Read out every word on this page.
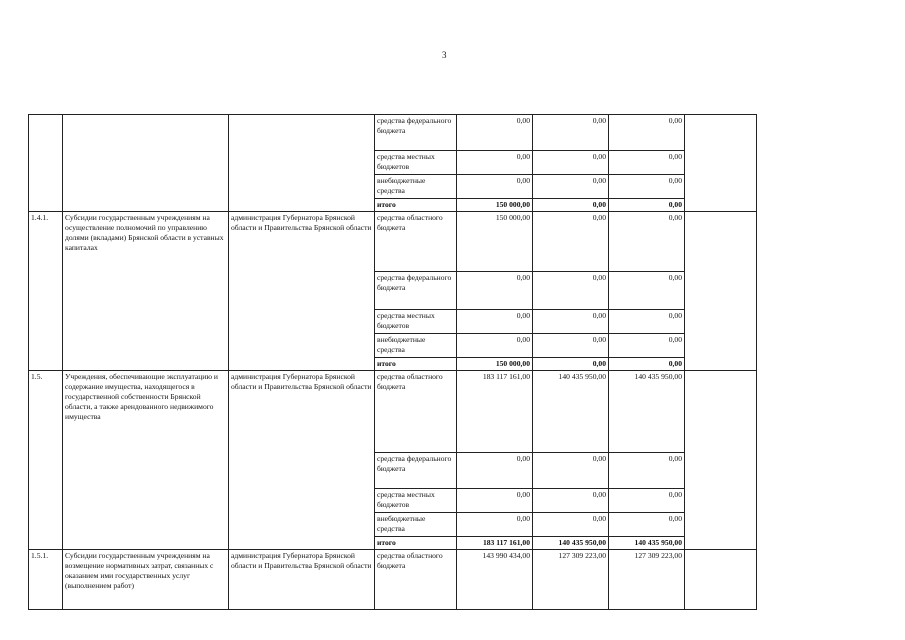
3
			средства федерального бюджета	0,00	0,00	0,00	
			средства местных бюджетов	0,00	0,00	0,00	
			внебюджетные средства	0,00	0,00	0,00	
			итого	150 000,00	0,00	0,00	
1.4.1.	Субсидии государственным учреждениям на осуществление полномочий по управлению долями (вкладами) Брянской области в уставных капиталах	администрация Губернатора Брянской области и Правительства Брянской области	средства областного бюджета	150 000,00	0,00	0,00	
			средства федерального бюджета	0,00	0,00	0,00	
			средства местных бюджетов	0,00	0,00	0,00	
			внебюджетные средства	0,00	0,00	0,00	
			итого	150 000,00	0,00	0,00	
1.5.	Учреждения, обеспечивающие эксплуатацию и содержание имущества, находящегося в государственной собственности Брянской области, а также арендованного недвижимого имущества	администрация Губернатора Брянской области и Правительства Брянской области	средства областного бюджета	183 117 161,00	140 435 950,00	140 435 950,00	
			средства федерального бюджета	0,00	0,00	0,00	
			средства местных бюджетов	0,00	0,00	0,00	
			внебюджетные средства	0,00	0,00	0,00	
			итого	183 117 161,00	140 435 950,00	140 435 950,00	
1.5.1.	Субсидии государственным учреждениям на возмещение нормативных затрат, связанных с оказанием ими государственных услуг (выполнением работ)	администрация Губернатора Брянской области и Правительства Брянской области	средства областного бюджета	143 990 434,00	127 309 223,00	127 309 223,00	
